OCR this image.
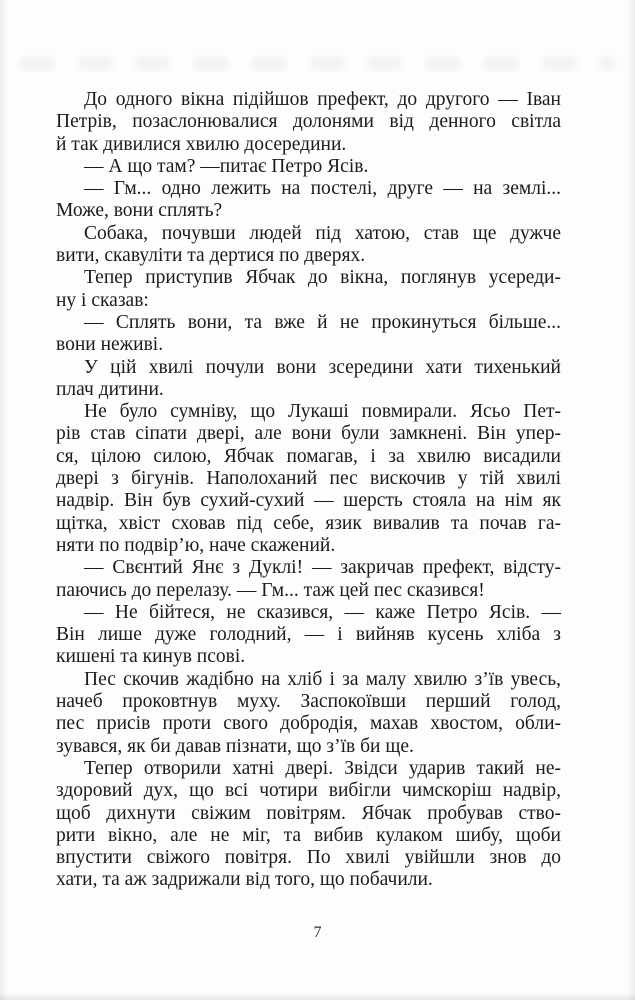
До одного вікна підійшов префект, до другого — Іван
Петрів, позаслонювалися долонями від денного світла
й так дивилися хвилю досередини.
— А що там? —питає Петро Ясів.
— Гм... одно лежить на постелі, друге — на землі...
Може, вони сплять?
Собака, почувши людей під хатою, став ще дужче
вити, скавуліти та дертися по дверях.
Тепер приступив Ябчак до вікна, поглянув усереди-
ну і сказав:
— Сплять вони, та вже й не прокинуться більше...
вони неживі.
У цій хвилі почули вони зсередини хати тихенький
плач дитини.
Не було сумніву, що Лукаші повмирали. Ясьо Пет-
рів став сіпати двері, але вони були замкнені. Він упер-
ся, цілою силою, Ябчак помагав, і за хвилю висадили
двері з бігунів. Наполоханий пес вискочив у тій хвилі
надвір. Він був сухий-сухий — шерсть стояла на нім як
щітка, хвіст сховав під себе, язик вивалив та почав га-
няти по подвір’ю, наче скажений.
— Свєнтий Янє з Дуклі! — закричав префект, відсту-
паючись до перелазу. — Гм... таж цей пес сказився!
— Не бійтеся, не сказився, — каже Петро Ясів. —
Він лише дуже голодний, — і вийняв кусень хліба з
кишені та кинув псові.
Пес скочив жадібно на хліб і за малу хвилю з’їв увесь,
начеб проковтнув муху. Заспокоївши перший голод,
пес присів проти свого добродія, махав хвостом, обли-
зувався, як би давав пізнати, що з’їв би ще.
Тепер отворили хатні двері. Звідси ударив такий не-
здоровий дух, що всі чотири вибігли чимскоріш надвір,
щоб дихнути свіжим повітрям. Ябчак пробував ство-
рити вікно, але не міг, та вибив кулаком шибу, щоби
впустити свіжого повітря. По хвилі увійшли знов до
хати, та аж задрижали від того, що побачили.
7
